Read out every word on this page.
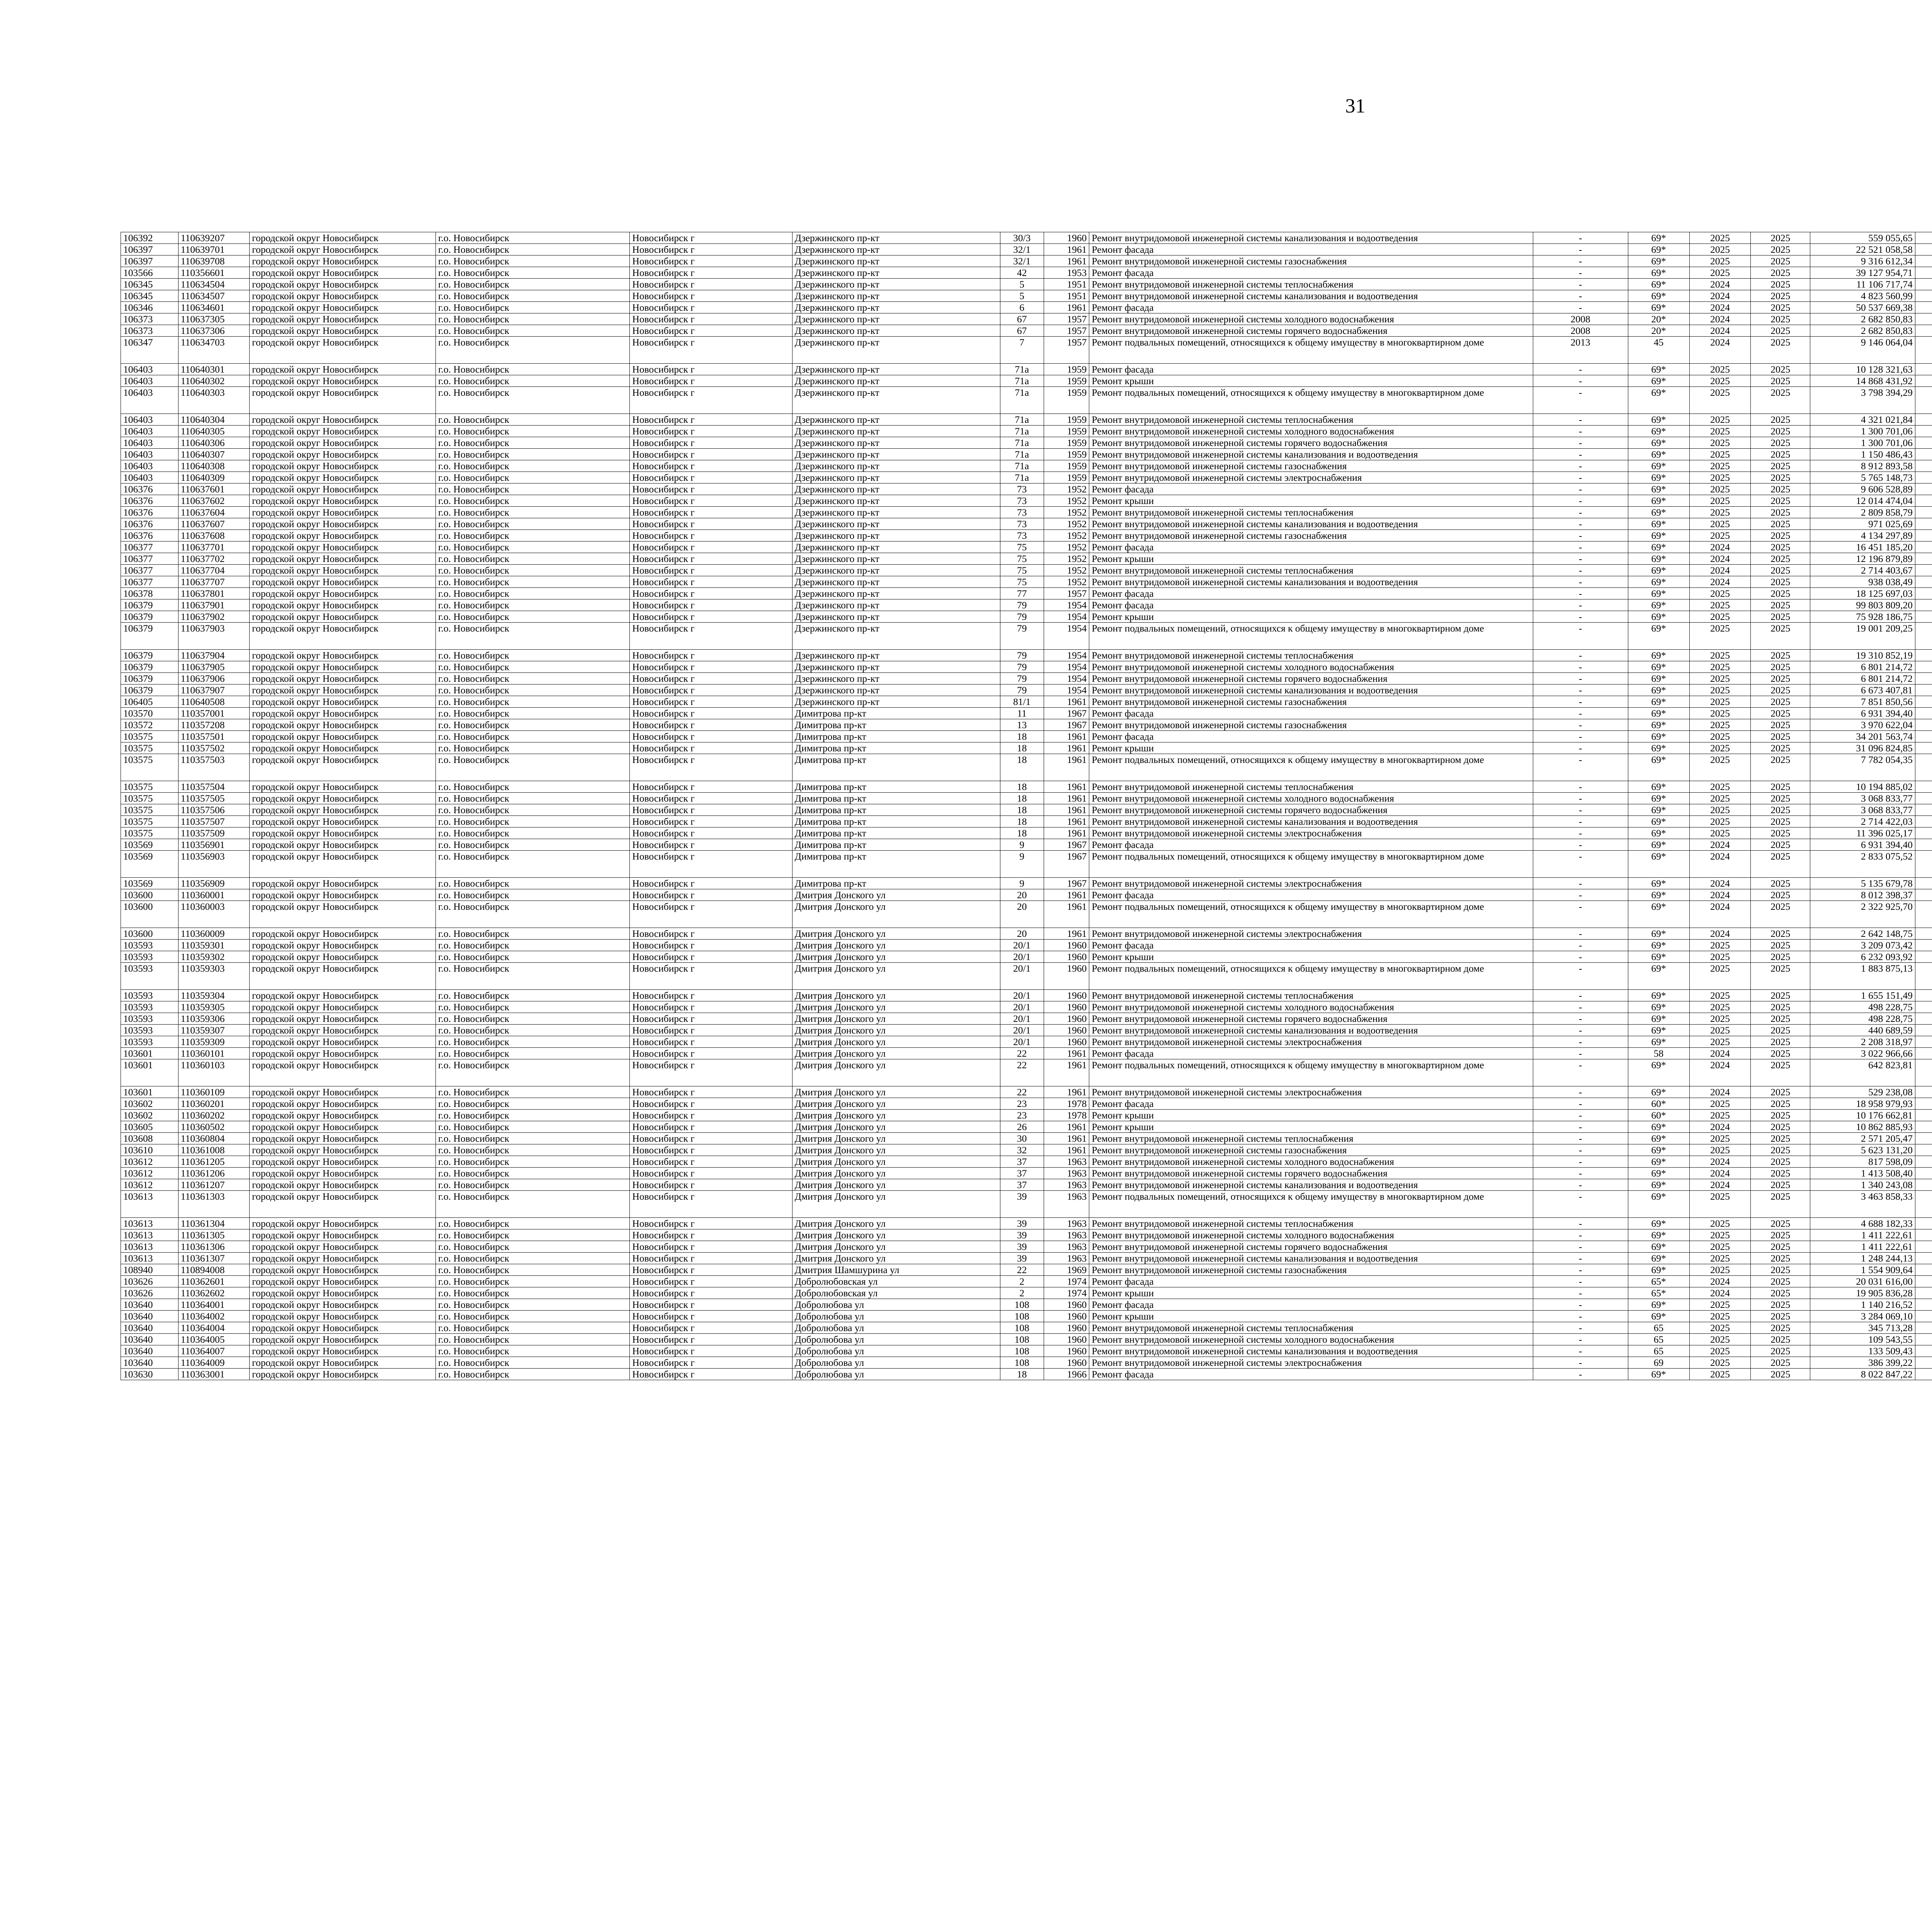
31
106392	110639207	городской округ Новосибирск	г.о. Новосибирск	Новосибирск г	Дзержинского пр-кт	30/3	1960	Ремонт внутридомовой инженерной системы канализования и водоотведения	-	69*	2025	2025	559 055,65							
106397	110639701	городской округ Новосибирск	г.о. Новосибирск	Новосибирск г	Дзержинского пр-кт	32/1	1961	Ремонт фасада	-	69*	2025	2025	22 521 058,58							
106397	110639708	городской округ Новосибирск	г.о. Новосибирск	Новосибирск г	Дзержинского пр-кт	32/1	1961	Ремонт внутридомовой инженерной системы газоснабжения	-	69*	2025	2025	9 316 612,34							
103566	110356601	городской округ Новосибирск	г.о. Новосибирск	Новосибирск г	Дзержинского пр-кт	42	1953	Ремонт фасада	-	69*	2025	2025	39 127 954,71							
106345	110634504	городской округ Новосибирск	г.о. Новосибирск	Новосибирск г	Дзержинского пр-кт	5	1951	Ремонт внутридомовой инженерной системы теплоснабжения	-	69*	2024	2025	11 106 717,74							
106345	110634507	городской округ Новосибирск	г.о. Новосибирск	Новосибирск г	Дзержинского пр-кт	5	1951	Ремонт внутридомовой инженерной системы канализования и водоотведения	-	69*	2024	2025	4 823 560,99							
106346	110634601	городской округ Новосибирск	г.о. Новосибирск	Новосибирск г	Дзержинского пр-кт	6	1961	Ремонт фасада	-	69*	2024	2025	50 537 669,38							
106373	110637305	городской округ Новосибирск	г.о. Новосибирск	Новосибирск г	Дзержинского пр-кт	67	1957	Ремонт внутридомовой инженерной системы холодного водоснабжения	2008	20*	2024	2025	2 682 850,83							
106373	110637306	городской округ Новосибирск	г.о. Новосибирск	Новосибирск г	Дзержинского пр-кт	67	1957	Ремонт внутридомовой инженерной системы горячего водоснабжения	2008	20*	2024	2025	2 682 850,83							
106347	110634703	городской округ Новосибирск	г.о. Новосибирск	Новосибирск г	Дзержинского пр-кт	7	1957	Ремонт подвальных помещений, относящихся к общему имуществу в многоквартирном доме	2013	45	2024	2025	9 146 064,04							
106403	110640301	городской округ Новосибирск	г.о. Новосибирск	Новосибирск г	Дзержинского пр-кт	71а	1959	Ремонт фасада	-	69*	2025	2025	10 128 321,63							
106403	110640302	городской округ Новосибирск	г.о. Новосибирск	Новосибирск г	Дзержинского пр-кт	71а	1959	Ремонт крыши	-	69*	2025	2025	14 868 431,92							
106403	110640303	городской округ Новосибирск	г.о. Новосибирск	Новосибирск г	Дзержинского пр-кт	71а	1959	Ремонт подвальных помещений, относящихся к общему имуществу в многоквартирном доме	-	69*	2025	2025	3 798 394,29							
106403	110640304	городской округ Новосибирск	г.о. Новосибирск	Новосибирск г	Дзержинского пр-кт	71а	1959	Ремонт внутридомовой инженерной системы теплоснабжения	-	69*	2025	2025	4 321 021,84							
106403	110640305	городской округ Новосибирск	г.о. Новосибирск	Новосибирск г	Дзержинского пр-кт	71а	1959	Ремонт внутридомовой инженерной системы холодного водоснабжения	-	69*	2025	2025	1 300 701,06							
106403	110640306	городской округ Новосибирск	г.о. Новосибирск	Новосибирск г	Дзержинского пр-кт	71а	1959	Ремонт внутридомовой инженерной системы горячего водоснабжения	-	69*	2025	2025	1 300 701,06							
106403	110640307	городской округ Новосибирск	г.о. Новосибирск	Новосибирск г	Дзержинского пр-кт	71а	1959	Ремонт внутридомовой инженерной системы канализования и водоотведения	-	69*	2025	2025	1 150 486,43							
106403	110640308	городской округ Новосибирск	г.о. Новосибирск	Новосибирск г	Дзержинского пр-кт	71а	1959	Ремонт внутридомовой инженерной системы газоснабжения	-	69*	2025	2025	8 912 893,58							
106403	110640309	городской округ Новосибирск	г.о. Новосибирск	Новосибирск г	Дзержинского пр-кт	71а	1959	Ремонт внутридомовой инженерной системы электроснабжения	-	69*	2025	2025	5 765 148,73							
106376	110637601	городской округ Новосибирск	г.о. Новосибирск	Новосибирск г	Дзержинского пр-кт	73	1952	Ремонт фасада	-	69*	2025	2025	9 606 528,89							
106376	110637602	городской округ Новосибирск	г.о. Новосибирск	Новосибирск г	Дзержинского пр-кт	73	1952	Ремонт крыши	-	69*	2025	2025	12 014 474,04							
106376	110637604	городской округ Новосибирск	г.о. Новосибирск	Новосибирск г	Дзержинского пр-кт	73	1952	Ремонт внутридомовой инженерной системы теплоснабжения	-	69*	2025	2025	2 809 858,79							
106376	110637607	городской округ Новосибирск	г.о. Новосибирск	Новосибирск г	Дзержинского пр-кт	73	1952	Ремонт внутридомовой инженерной системы канализования и водоотведения	-	69*	2025	2025	971 025,69							
106376	110637608	городской округ Новосибирск	г.о. Новосибирск	Новосибирск г	Дзержинского пр-кт	73	1952	Ремонт внутридомовой инженерной системы газоснабжения	-	69*	2025	2025	4 134 297,89							
106377	110637701	городской округ Новосибирск	г.о. Новосибирск	Новосибирск г	Дзержинского пр-кт	75	1952	Ремонт фасада	-	69*	2024	2025	16 451 185,20							
106377	110637702	городской округ Новосибирск	г.о. Новосибирск	Новосибирск г	Дзержинского пр-кт	75	1952	Ремонт крыши	-	69*	2024	2025	12 196 879,89							
106377	110637704	городской округ Новосибирск	г.о. Новосибирск	Новосибирск г	Дзержинского пр-кт	75	1952	Ремонт внутридомовой инженерной системы теплоснабжения	-	69*	2024	2025	2 714 403,67							
106377	110637707	городской округ Новосибирск	г.о. Новосибирск	Новосибирск г	Дзержинского пр-кт	75	1952	Ремонт внутридомовой инженерной системы канализования и водоотведения	-	69*	2024	2025	938 038,49							
106378	110637801	городской округ Новосибирск	г.о. Новосибирск	Новосибирск г	Дзержинского пр-кт	77	1957	Ремонт фасада	-	69*	2025	2025	18 125 697,03							
106379	110637901	городской округ Новосибирск	г.о. Новосибирск	Новосибирск г	Дзержинского пр-кт	79	1954	Ремонт фасада	-	69*	2025	2025	99 803 809,20							
106379	110637902	городской округ Новосибирск	г.о. Новосибирск	Новосибирск г	Дзержинского пр-кт	79	1954	Ремонт крыши	-	69*	2025	2025	75 928 186,75							
106379	110637903	городской округ Новосибирск	г.о. Новосибирск	Новосибирск г	Дзержинского пр-кт	79	1954	Ремонт подвальных помещений, относящихся к общему имуществу в многоквартирном доме	-	69*	2025	2025	19 001 209,25							
106379	110637904	городской округ Новосибирск	г.о. Новосибирск	Новосибирск г	Дзержинского пр-кт	79	1954	Ремонт внутридомовой инженерной системы теплоснабжения	-	69*	2025	2025	19 310 852,19							
106379	110637905	городской округ Новосибирск	г.о. Новосибирск	Новосибирск г	Дзержинского пр-кт	79	1954	Ремонт внутридомовой инженерной системы холодного водоснабжения	-	69*	2025	2025	6 801 214,72							
106379	110637906	городской округ Новосибирск	г.о. Новосибирск	Новосибирск г	Дзержинского пр-кт	79	1954	Ремонт внутридомовой инженерной системы горячего водоснабжения	-	69*	2025	2025	6 801 214,72							
106379	110637907	городской округ Новосибирск	г.о. Новосибирск	Новосибирск г	Дзержинского пр-кт	79	1954	Ремонт внутридомовой инженерной системы канализования и водоотведения	-	69*	2025	2025	6 673 407,81							
106405	110640508	городской округ Новосибирск	г.о. Новосибирск	Новосибирск г	Дзержинского пр-кт	81/1	1961	Ремонт внутридомовой инженерной системы газоснабжения	-	69*	2025	2025	7 851 850,56							
103570	110357001	городской округ Новосибирск	г.о. Новосибирск	Новосибирск г	Димитрова пр-кт	11	1967	Ремонт фасада	-	69*	2025	2025	6 931 394,40							
103572	110357208	городской округ Новосибирск	г.о. Новосибирск	Новосибирск г	Димитрова пр-кт	13	1967	Ремонт внутридомовой инженерной системы газоснабжения	-	69*	2025	2025	3 970 622,04							
103575	110357501	городской округ Новосибирск	г.о. Новосибирск	Новосибирск г	Димитрова пр-кт	18	1961	Ремонт фасада	-	69*	2025	2025	34 201 563,74							
103575	110357502	городской округ Новосибирск	г.о. Новосибирск	Новосибирск г	Димитрова пр-кт	18	1961	Ремонт крыши	-	69*	2025	2025	31 096 824,85							
103575	110357503	городской округ Новосибирск	г.о. Новосибирск	Новосибирск г	Димитрова пр-кт	18	1961	Ремонт подвальных помещений, относящихся к общему имуществу в многоквартирном доме	-	69*	2025	2025	7 782 054,35							
103575	110357504	городской округ Новосибирск	г.о. Новосибирск	Новосибирск г	Димитрова пр-кт	18	1961	Ремонт внутридомовой инженерной системы теплоснабжения	-	69*	2025	2025	10 194 885,02							
103575	110357505	городской округ Новосибирск	г.о. Новосибирск	Новосибирск г	Димитрова пр-кт	18	1961	Ремонт внутридомовой инженерной системы холодного водоснабжения	-	69*	2025	2025	3 068 833,77							
103575	110357506	городской округ Новосибирск	г.о. Новосибирск	Новосибирск г	Димитрова пр-кт	18	1961	Ремонт внутридомовой инженерной системы горячего водоснабжения	-	69*	2025	2025	3 068 833,77							
103575	110357507	городской округ Новосибирск	г.о. Новосибирск	Новосибирск г	Димитрова пр-кт	18	1961	Ремонт внутридомовой инженерной системы канализования и водоотведения	-	69*	2025	2025	2 714 422,03							
103575	110357509	городской округ Новосибирск	г.о. Новосибирск	Новосибирск г	Димитрова пр-кт	18	1961	Ремонт внутридомовой инженерной системы электроснабжения	-	69*	2025	2025	11 396 025,17							
103569	110356901	городской округ Новосибирск	г.о. Новосибирск	Новосибирск г	Димитрова пр-кт	9	1967	Ремонт фасада	-	69*	2024	2025	6 931 394,40							
103569	110356903	городской округ Новосибирск	г.о. Новосибирск	Новосибирск г	Димитрова пр-кт	9	1967	Ремонт подвальных помещений, относящихся к общему имуществу в многоквартирном доме	-	69*	2024	2025	2 833 075,52							
103569	110356909	городской округ Новосибирск	г.о. Новосибирск	Новосибирск г	Димитрова пр-кт	9	1967	Ремонт внутридомовой инженерной системы электроснабжения	-	69*	2024	2025	5 135 679,78							
103600	110360001	городской округ Новосибирск	г.о. Новосибирск	Новосибирск г	Дмитрия Донского ул	20	1961	Ремонт фасада	-	69*	2024	2025	8 012 398,37							
103600	110360003	городской округ Новосибирск	г.о. Новосибирск	Новосибирск г	Дмитрия Донского ул	20	1961	Ремонт подвальных помещений, относящихся к общему имуществу в многоквартирном доме	-	69*	2024	2025	2 322 925,70							
103600	110360009	городской округ Новосибирск	г.о. Новосибирск	Новосибирск г	Дмитрия Донского ул	20	1961	Ремонт внутридомовой инженерной системы электроснабжения	-	69*	2024	2025	2 642 148,75							
103593	110359301	городской округ Новосибирск	г.о. Новосибирск	Новосибирск г	Дмитрия Донского ул	20/1	1960	Ремонт фасада	-	69*	2025	2025	3 209 073,42							
103593	110359302	городской округ Новосибирск	г.о. Новосибирск	Новосибирск г	Дмитрия Донского ул	20/1	1960	Ремонт крыши	-	69*	2025	2025	6 232 093,92							
103593	110359303	городской округ Новосибирск	г.о. Новосибирск	Новосибирск г	Дмитрия Донского ул	20/1	1960	Ремонт подвальных помещений, относящихся к общему имуществу в многоквартирном доме	-	69*	2025	2025	1 883 875,13							
103593	110359304	городской округ Новосибирск	г.о. Новосибирск	Новосибирск г	Дмитрия Донского ул	20/1	1960	Ремонт внутридомовой инженерной системы теплоснабжения	-	69*	2025	2025	1 655 151,49							
103593	110359305	городской округ Новосибирск	г.о. Новосибирск	Новосибирск г	Дмитрия Донского ул	20/1	1960	Ремонт внутридомовой инженерной системы холодного водоснабжения	-	69*	2025	2025	498 228,75							
103593	110359306	городской округ Новосибирск	г.о. Новосибирск	Новосибирск г	Дмитрия Донского ул	20/1	1960	Ремонт внутридомовой инженерной системы горячего водоснабжения	-	69*	2025	2025	498 228,75							
103593	110359307	городской округ Новосибирск	г.о. Новосибирск	Новосибирск г	Дмитрия Донского ул	20/1	1960	Ремонт внутридомовой инженерной системы канализования и водоотведения	-	69*	2025	2025	440 689,59							
103593	110359309	городской округ Новосибирск	г.о. Новосибирск	Новосибирск г	Дмитрия Донского ул	20/1	1960	Ремонт внутридомовой инженерной системы электроснабжения	-	69*	2025	2025	2 208 318,97							
103601	110360101	городской округ Новосибирск	г.о. Новосибирск	Новосибирск г	Дмитрия Донского ул	22	1961	Ремонт фасада	-	58	2024	2025	3 022 966,66							
103601	110360103	городской округ Новосибирск	г.о. Новосибирск	Новосибирск г	Дмитрия Донского ул	22	1961	Ремонт подвальных помещений, относящихся к общему имуществу в многоквартирном доме	-	69*	2024	2025	642 823,81							
103601	110360109	городской округ Новосибирск	г.о. Новосибирск	Новосибирск г	Дмитрия Донского ул	22	1961	Ремонт внутридомовой инженерной системы электроснабжения	-	69*	2024	2025	529 238,08							
103602	110360201	городской округ Новосибирск	г.о. Новосибирск	Новосибирск г	Дмитрия Донского ул	23	1978	Ремонт фасада	-	60*	2025	2025	18 958 979,93							
103602	110360202	городской округ Новосибирск	г.о. Новосибирск	Новосибирск г	Дмитрия Донского ул	23	1978	Ремонт крыши	-	60*	2025	2025	10 176 662,81							
103605	110360502	городской округ Новосибирск	г.о. Новосибирск	Новосибирск г	Дмитрия Донского ул	26	1961	Ремонт крыши	-	69*	2024	2025	10 862 885,93							
103608	110360804	городской округ Новосибирск	г.о. Новосибирск	Новосибирск г	Дмитрия Донского ул	30	1961	Ремонт внутридомовой инженерной системы теплоснабжения	-	69*	2025	2025	2 571 205,47							
103610	110361008	городской округ Новосибирск	г.о. Новосибирск	Новосибирск г	Дмитрия Донского ул	32	1961	Ремонт внутридомовой инженерной системы газоснабжения	-	69*	2025	2025	5 623 131,20							
103612	110361205	городской округ Новосибирск	г.о. Новосибирск	Новосибирск г	Дмитрия Донского ул	37	1963	Ремонт внутридомовой инженерной системы холодного водоснабжения	-	69*	2024	2025	817 598,09							
103612	110361206	городской округ Новосибирск	г.о. Новосибирск	Новосибирск г	Дмитрия Донского ул	37	1963	Ремонт внутридомовой инженерной системы горячего водоснабжения	-	69*	2024	2025	1 413 508,40							
103612	110361207	городской округ Новосибирск	г.о. Новосибирск	Новосибирск г	Дмитрия Донского ул	37	1963	Ремонт внутридомовой инженерной системы канализования и водоотведения	-	69*	2024	2025	1 340 243,08							
103613	110361303	городской округ Новосибирск	г.о. Новосибирск	Новосибирск г	Дмитрия Донского ул	39	1963	Ремонт подвальных помещений, относящихся к общему имуществу в многоквартирном доме	-	69*	2025	2025	3 463 858,33							
103613	110361304	городской округ Новосибирск	г.о. Новосибирск	Новосибирск г	Дмитрия Донского ул	39	1963	Ремонт внутридомовой инженерной системы теплоснабжения	-	69*	2025	2025	4 688 182,33							
103613	110361305	городской округ Новосибирск	г.о. Новосибирск	Новосибирск г	Дмитрия Донского ул	39	1963	Ремонт внутридомовой инженерной системы холодного водоснабжения	-	69*	2025	2025	1 411 222,61							
103613	110361306	городской округ Новосибирск	г.о. Новосибирск	Новосибирск г	Дмитрия Донского ул	39	1963	Ремонт внутридомовой инженерной системы горячего водоснабжения	-	69*	2025	2025	1 411 222,61							
103613	110361307	городской округ Новосибирск	г.о. Новосибирск	Новосибирск г	Дмитрия Донского ул	39	1963	Ремонт внутридомовой инженерной системы канализования и водоотведения	-	69*	2025	2025	1 248 244,13							
108940	110894008	городской округ Новосибирск	г.о. Новосибирск	Новосибирск г	Дмитрия Шамшурина ул	22	1969	Ремонт внутридомовой инженерной системы газоснабжения	-	69*	2025	2025	1 554 909,64							
103626	110362601	городской округ Новосибирск	г.о. Новосибирск	Новосибирск г	Добролюбовская ул	2	1974	Ремонт фасада	-	65*	2024	2025	20 031 616,00							
103626	110362602	городской округ Новосибирск	г.о. Новосибирск	Новосибирск г	Добролюбовская ул	2	1974	Ремонт крыши	-	65*	2024	2025	19 905 836,28							
103640	110364001	городской округ Новосибирск	г.о. Новосибирск	Новосибирск г	Добролюбова ул	108	1960	Ремонт фасада	-	69*	2025	2025	1 140 216,52							
103640	110364002	городской округ Новосибирск	г.о. Новосибирск	Новосибирск г	Добролюбова ул	108	1960	Ремонт крыши	-	69*	2025	2025	3 284 069,10							
103640	110364004	городской округ Новосибирск	г.о. Новосибирск	Новосибирск г	Добролюбова ул	108	1960	Ремонт внутридомовой инженерной системы теплоснабжения	-	65	2025	2025	345 713,28							
103640	110364005	городской округ Новосибирск	г.о. Новосибирск	Новосибирск г	Добролюбова ул	108	1960	Ремонт внутридомовой инженерной системы холодного водоснабжения	-	65	2025	2025	109 543,55							
103640	110364007	городской округ Новосибирск	г.о. Новосибирск	Новосибирск г	Добролюбова ул	108	1960	Ремонт внутридомовой инженерной системы канализования и водоотведения	-	65	2025	2025	133 509,43							
103640	110364009	городской округ Новосибирск	г.о. Новосибирск	Новосибирск г	Добролюбова ул	108	1960	Ремонт внутридомовой инженерной системы электроснабжения	-	69	2025	2025	386 399,22							
103630	110363001	городской округ Новосибирск	г.о. Новосибирск	Новосибирск г	Добролюбова ул	18	1966	Ремонт фасада	-	69*	2025	2025	8 022 847,22							
